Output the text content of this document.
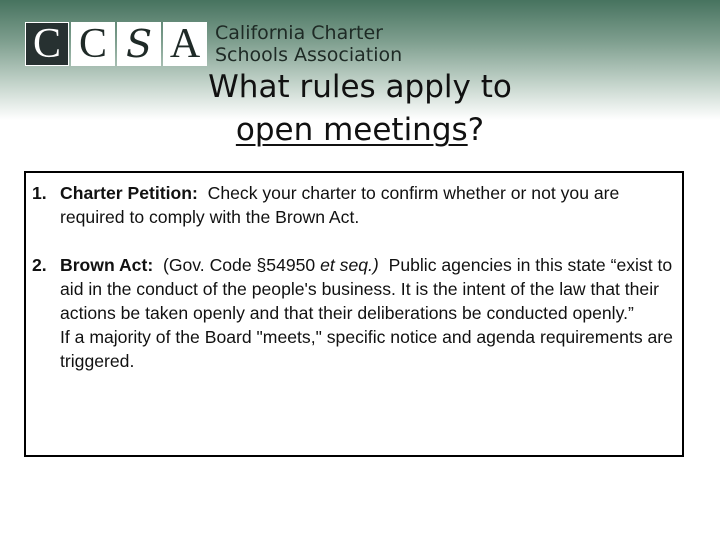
C C S A California Charter
Schools Association
What rules apply to
open meetings?
1. Charter Petition: Check your charter to confirm whether or not you are required to comply with the Brown Act.
2. Brown Act: (Gov. Code §54950 et seq.) Public agencies in this state “exist to aid in the conduct of the people's business. It is the intent of the law that their actions be taken openly and that their deliberations be conducted openly.”
If a majority of the Board "meets," specific notice and agenda requirements are triggered.
